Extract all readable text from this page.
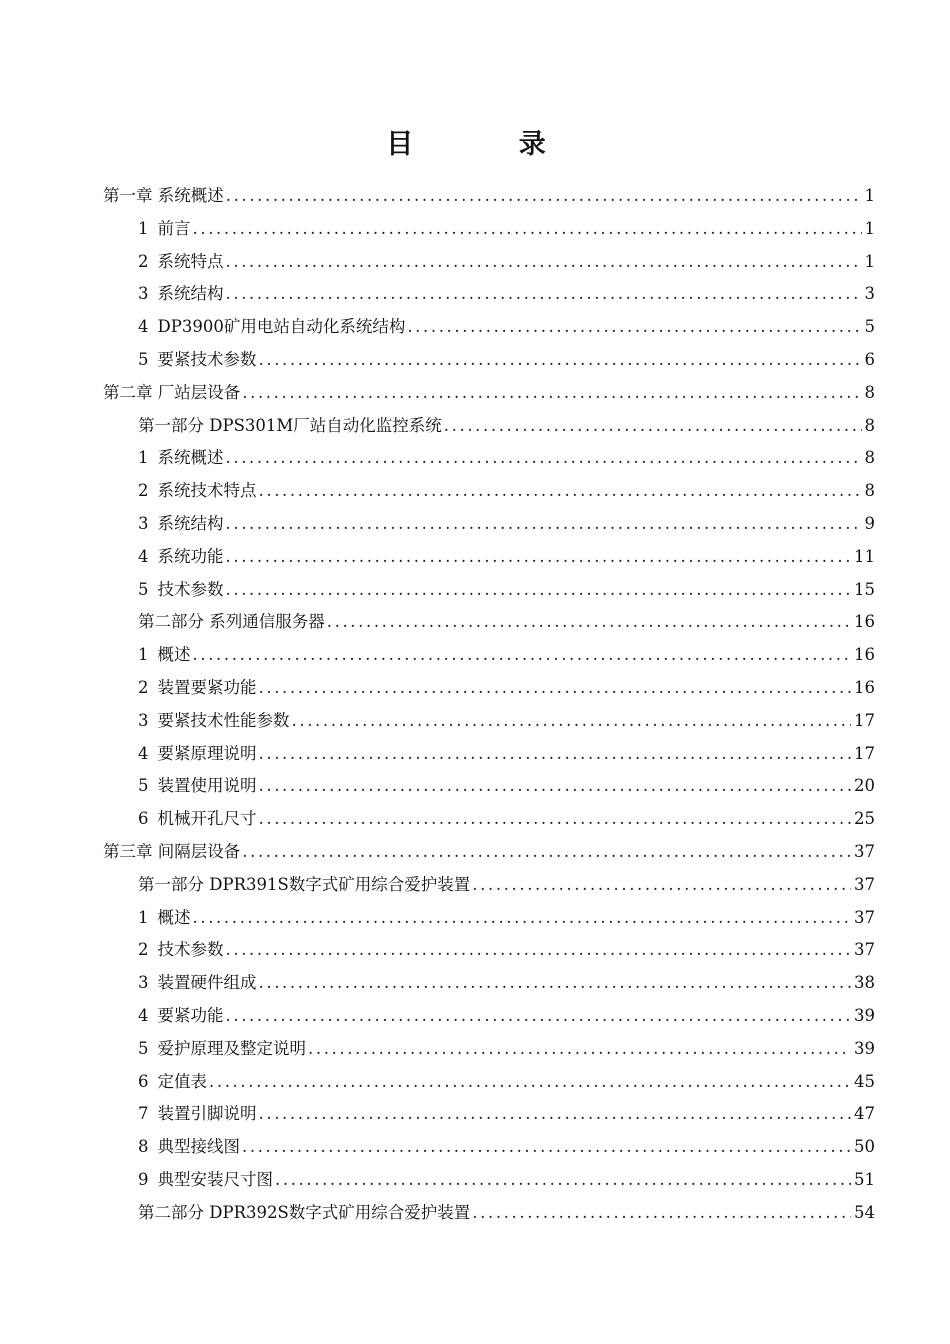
目 录
第一章 系统概述 .....	1
1 前言 .....	1
2 系统特点 .....	1
3 系统结构 .....	3
4 DP3900矿用电站自动化系统结构 .....	5
5 要紧技术参数 .....	6
第二章 厂站层设备 .....	8
第一部分 DPS301M厂站自动化监控系统 .....	8
1 系统概述 .....	8
2 系统技术特点 .....	8
3 系统结构 .....	9
4 系统功能 .....	11
5 技术参数 .....	15
第二部分 系列通信服务器 .....	16
1 概述 .....	16
2 装置要紧功能 .....	16
3 要紧技术性能参数 .....	17
4 要紧原理说明 .....	17
5 装置使用说明 .....	20
6 机械开孔尺寸 .....	25
第三章 间隔层设备 .....	37
第一部分 DPR391S数字式矿用综合爱护装置 .....	37
1 概述 .....	37
2 技术参数 .....	37
3 装置硬件组成 .....	38
4 要紧功能 .....	39
5 爱护原理及整定说明 .....	39
6 定值表 .....	45
7 装置引脚说明 .....	47
8 典型接线图 .....	50
9 典型安装尺寸图 .....	51
第二部分 DPR392S数字式矿用综合爱护装置 .....	54
